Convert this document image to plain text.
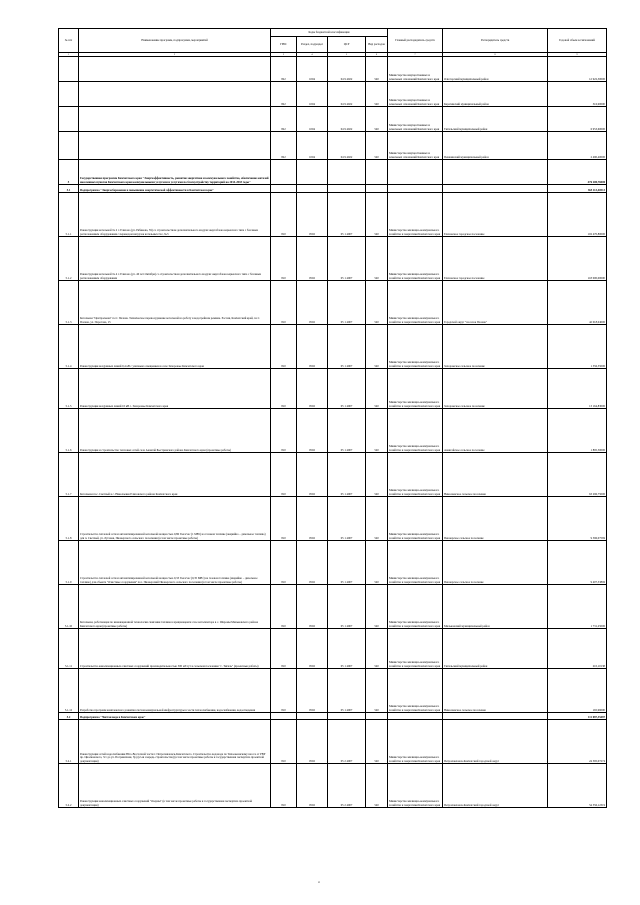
№ п/п	Наименование программ, подпрограмм, мероприятий	Коды бюджетной классификации				Главный распорядитель средств	Распорядитель средств	Годовой объем ассигнований
		ГРБС	Раздел, подраздел	ЦСР	Вид расходов			
1	2	3	4	5	6	7	8	9
		822	1004	04 9 4022	540	Министерство имущественных и земельных отношений Камчатского края	Олюторский муниципальный район	12 922,30000
		822	1004	04 9 4022	540	Министерство имущественных и земельных отношений Камчатского края	Карагинский муниципальный район	316,90000
		822	1004	04 9 4022	540	Министерство имущественных и земельных отношений Камчатского края	Тигильский муниципальный район	6 953,60000
		822	1004	04 9 4022	540	Министерство имущественных и земельных отношений Камчатского края	Пенжинский муниципальный район	2 490,40000
5	Государственная программа Камчатского края "Энергоэффективность, развитие энергетики и коммунального хозяйства, обеспечение жителей населенных пунктов Камчатского края коммунальными услугами и услугами по благоустройству территорий на 2014-2018 годы"							476 200,76000
5.1	Подпрограмма "Энергосбережение и повышение энергетической эффективности в Камчатском крае"							365 113,40513
5.1.1	Реконструкция котельной № 2 г. Елизово (ул. Рябикова, 59) со строительством дополнительного модуля энергоблока каркасного типа с блочным расположением оборудования с переводом нагрузок котельных №1, №3	810	0502	05 1 4007	540	Министерство жилищно-коммунального хозяйства и энергетики Камчатского края	Елизовское городское поселение	102 470,80000
5.1.2	Реконструкция котельной № 4 г. Елизово (ул. 40 лет Октября) со строительством дополнительного модуля энергоблока каркасного типа с блочным расположением оборудования	810	0502	05 1 4007	540	Министерство жилищно-коммунального хозяйства и энергетики Камчатского края	Елизовское городское поселение	118 000,00000
5.1.3	Котельная "Центральная" п.г.т. Палана. Техническое перевооружение котельной на работу в водогрейном режиме. Россия, Камчатский край, п.г.т. Палана, ул. Поротова, 15	810	0502	05 1 4007	540	Министерство жилищно-коммунального хозяйства и энергетики Камчатского края	Городской округ "поселок Палана"	42 018,04000
5.1.4	Реконструкция воздушных линий 0,4 кВ с уличным освещением в селе Запорожье Камчатского края	810	0502	05 1 4007	540	Министерство жилищно-коммунального хозяйства и энергетики Камчатского края	Запорожское сельское поселение	1 356,55000
5.1.5	Реконструкция воздушных линий 10 кВ с. Запорожье Камчатского края	810	0502	05 1 4007	540	Министерство жилищно-коммунального хозяйства и энергетики Камчатского края	Запорожское сельское поселение	13 164,83000
5.1.6	Реконструкция и строительство тепловых сетей села Анавгай Быстринского района Камчатского края (проектные работы)	810	0502	05 1 4007	540	Министерство жилищно-коммунального хозяйства и энергетики Камчатского края	Анавгайское сельское поселение	1 895,50000
5.1.7	Котельная пос. Светлый в с. Николаевка Елизовского района Камчатского края	810	0502	05 1 4007	540	Министерство жилищно-коммунального хозяйства и энергетики Камчатского края	Николаевское сельское поселение	63 296,75000
5.1.8	Строительство тепловой сети и автоматизированной котельной мощностью 0,86 Гкал/час (1 МВт) на газовом топливе (аварийно – дизельное топливо) для п. Светлый, ул. Луговая, Пионерского сельского поселения (в том числе проектные работы)	810	0502	05 1 4007	540	Министерство жилищно-коммунального хозяйства и энергетики Камчатского края	Пионерское сельское поселение	9 396,07569
5.1.9	Строительство тепловой сети и автоматизированной котельной мощностью 0,33 Гкал/час (0,35 МВт) на газовом топливе (аварийно – дизельное топливо) для объекта "Очистные сооружения" пос. Пионерский Пионерского сельского поселения (в том числе проектные работы)	810	0502	05 1 4007	540	Министерство жилищно-коммунального хозяйства и энергетики Камчатского края	Пионерское сельское поселение	9 407,53806
5.1.10	Котельная, работающая по инновационной технологии сжигания топлива в вращающемся слое катализатора в с. Шаромы Мильковского района Камчатского края (проектные работы)	810	0502	05 1 4007	540	Министерство жилищно-коммунального хозяйства и энергетики Камчатского края	Мильковский муниципальный район	1 731,25000
5.1.11	Строительство канализационных очистных сооружений производительностью 300 м3/сут в сельском поселении "с. Тигиль" (проектные работы)	810	0502	05 1 4007	540	Министерство жилищно-коммунального хозяйства и энергетики Камчатского края	Тигильский муниципальный район	210,10138
5.1.12	Разработка программ комплексного развития систем коммунальной инфраструктуры в части теплоснабжения, водоснабжения, водоотведения	810	0502	05 1 4007	540	Министерство жилищно-коммунального хозяйства и энергетики Камчатского края	Николаевское сельское поселение	165,96000
5.2	Подпрограмма "Чистая вода в Камчатском крае"							111 087,35487
5.2.1	Реконструкция сетей водоснабжения Юго-Восточной части г. Петропавловск-Камчатского. Строительство водовода по Тихоокеанскому шоссе от РВР пр. Циолковского, 3/1 до ул. Пограничная, 3(а) (2-ая очередь строительства) (в том числе проектные работы и государственная экспертиза проектной документации)	810	0502	05 2 4007	540	Министерство жилищно-коммунального хозяйства и энергетики Камчатского края	Петропавловск-Камчатский городской округ	24 395,07274
5.2.2	Реконструкция канализационных очистных сооружений "Озерны" (в том числе проектные работы и государственная экспертиза проектной документации)	810	0502	05 2 4007	540	Министерство жилищно-коммунального хозяйства и энергетики Камчатского края	Петропавловск-Камчатский городской округ	54 356,12319
4
